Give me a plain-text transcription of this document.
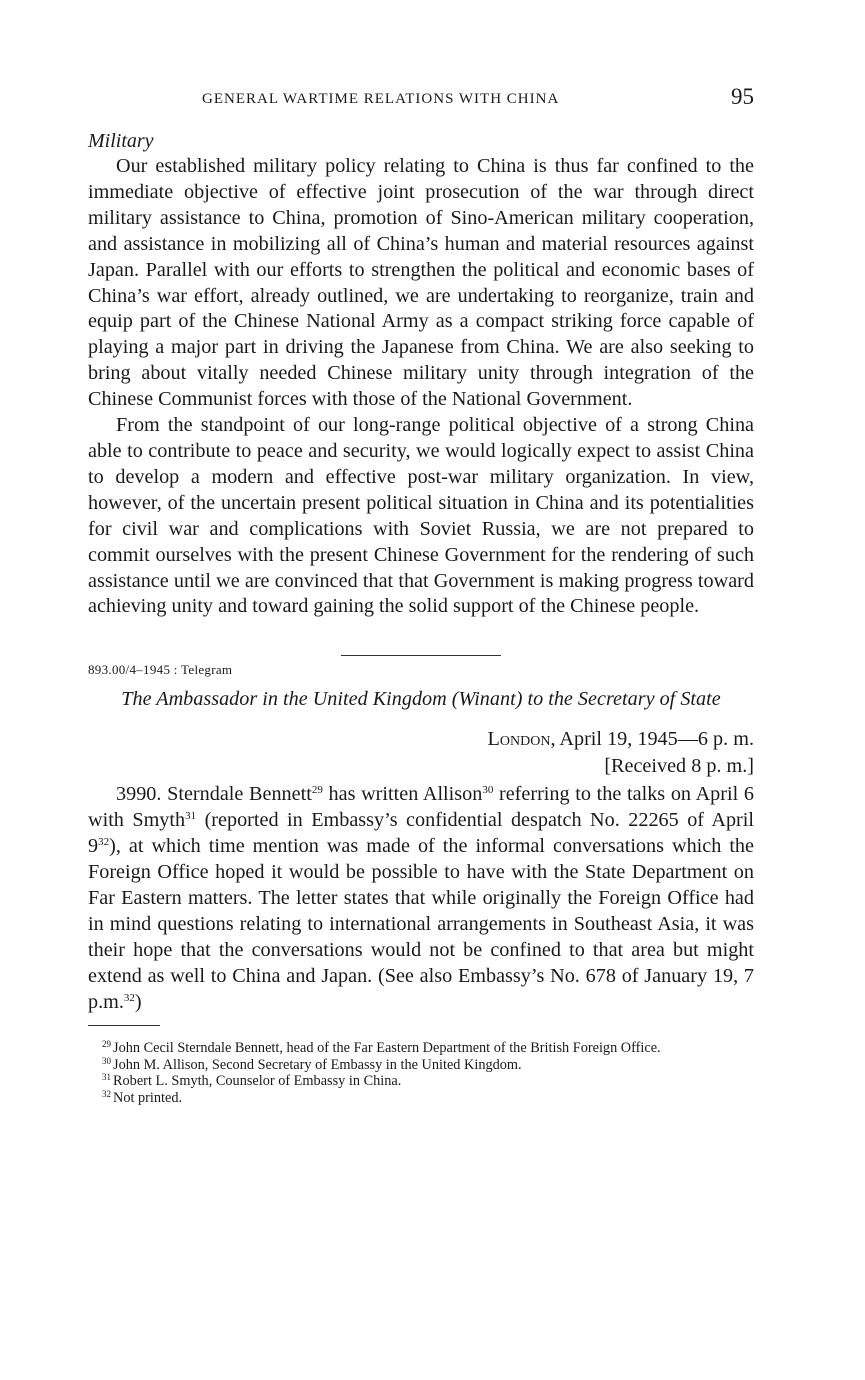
GENERAL WARTIME RELATIONS WITH CHINA	95
Military

Our established military policy relating to China is thus far confined to the immediate objective of effective joint prosecution of the war through direct military assistance to China, promotion of Sino-American military cooperation, and assistance in mobilizing all of China’s human and material resources against Japan. Parallel with our efforts to strengthen the political and economic bases of China’s war effort, already outlined, we are undertaking to reorganize, train and equip part of the Chinese National Army as a compact striking force capable of playing a major part in driving the Japanese from China. We are also seeking to bring about vitally needed Chinese military unity through integration of the Chinese Communist forces with those of the National Government.

From the standpoint of our long-range political objective of a strong China able to contribute to peace and security, we would logically expect to assist China to develop a modern and effective post-war military organization. In view, however, of the uncertain present political situation in China and its potentialities for civil war and complications with Soviet Russia, we are not prepared to commit ourselves with the present Chinese Government for the rendering of such assistance until we are convinced that that Government is making progress toward achieving unity and toward gaining the solid support of the Chinese people.

893.00/4–1945 : Telegram
The Ambassador in the United Kingdom (Winant) to the Secretary of State
London, April 19, 1945—6 p. m.
[Received 8 p. m.]

3990. Sterndale Bennett$^{29}$ has written Allison$^{30}$ referring to the talks on April 6 with Smyth$^{31}$ (reported in Embassy’s confidential despatch No. 22265 of April $9^{32}$), at which time mention was made of the informal conversations which the Foreign Office hoped it would be possible to have with the State Department on Far Eastern matters. The letter states that while originally the Foreign Office had in mind questions relating to international arrangements in Southeast Asia, it was their hope that the conversations would not be confined to that area but might extend as well to China and Japan. (See also Embassy’s No. 678 of January 19, 7 p.m.$^{32}$)

$^{29}$ John Cecil Sterndale Bennett, head of the Far Eastern Department of the British Foreign Office.
$^{30}$ John M. Allison, Second Secretary of Embassy in the United Kingdom.
$^{31}$ Robert L. Smyth, Counselor of Embassy in China.
$^{32}$ Not printed.
